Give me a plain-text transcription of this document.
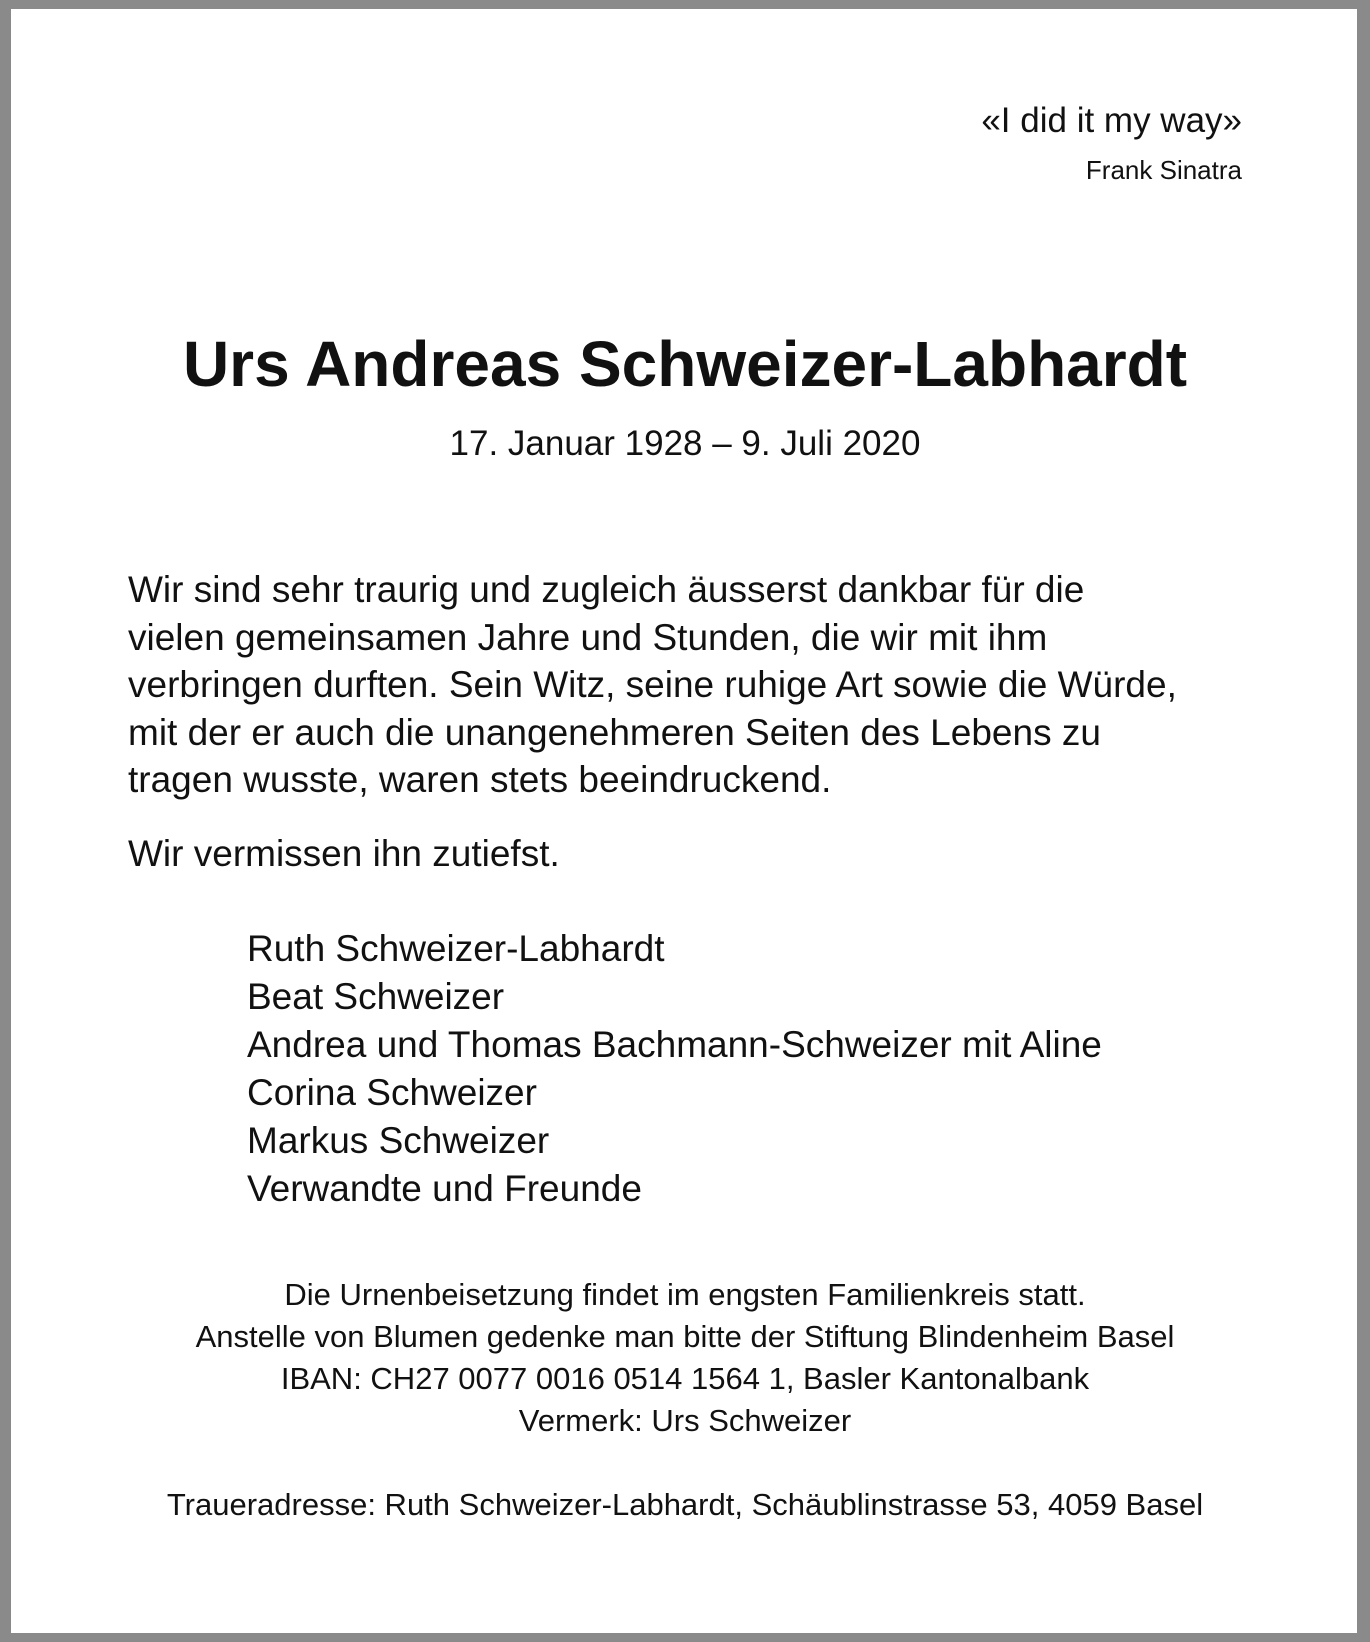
«I did it my way»
Frank Sinatra
Urs Andreas Schweizer-Labhardt
17. Januar 1928 – 9. Juli 2020
Wir sind sehr traurig und zugleich äusserst dankbar für die
vielen gemeinsamen Jahre und Stunden, die wir mit ihm
verbringen durften. Sein Witz, seine ruhige Art sowie die Würde,
mit der er auch die unangenehmeren Seiten des Lebens zu
tragen wusste, waren stets beeindruckend.
Wir vermissen ihn zutiefst.
Ruth Schweizer-Labhardt
Beat Schweizer
Andrea und Thomas Bachmann-Schweizer mit Aline
Corina Schweizer
Markus Schweizer
Verwandte und Freunde
Die Urnenbeisetzung findet im engsten Familienkreis statt.
Anstelle von Blumen gedenke man bitte der Stiftung Blindenheim Basel
IBAN: CH27 0077 0016 0514 1564 1, Basler Kantonalbank
Vermerk: Urs Schweizer
Traueradresse: Ruth Schweizer-Labhardt, Schäublinstrasse 53, 4059 Basel
